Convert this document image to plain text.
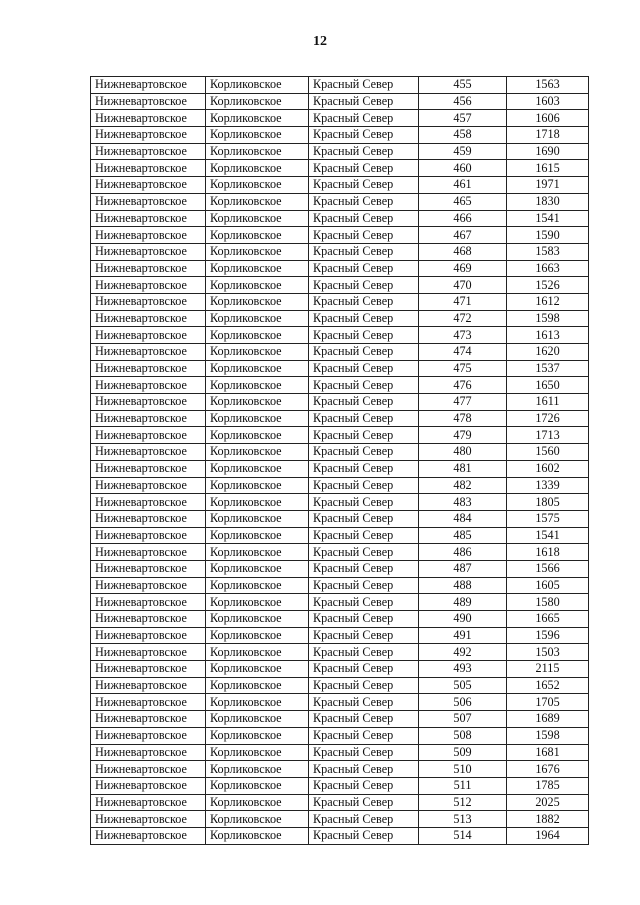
12
Нижневартовское	Корликовское	Красный Север	455	1563
Нижневартовское	Корликовское	Красный Север	456	1603
Нижневартовское	Корликовское	Красный Север	457	1606
Нижневартовское	Корликовское	Красный Север	458	1718
Нижневартовское	Корликовское	Красный Север	459	1690
Нижневартовское	Корликовское	Красный Север	460	1615
Нижневартовское	Корликовское	Красный Север	461	1971
Нижневартовское	Корликовское	Красный Север	465	1830
Нижневартовское	Корликовское	Красный Север	466	1541
Нижневартовское	Корликовское	Красный Север	467	1590
Нижневартовское	Корликовское	Красный Север	468	1583
Нижневартовское	Корликовское	Красный Север	469	1663
Нижневартовское	Корликовское	Красный Север	470	1526
Нижневартовское	Корликовское	Красный Север	471	1612
Нижневартовское	Корликовское	Красный Север	472	1598
Нижневартовское	Корликовское	Красный Север	473	1613
Нижневартовское	Корликовское	Красный Север	474	1620
Нижневартовское	Корликовское	Красный Север	475	1537
Нижневартовское	Корликовское	Красный Север	476	1650
Нижневартовское	Корликовское	Красный Север	477	1611
Нижневартовское	Корликовское	Красный Север	478	1726
Нижневартовское	Корликовское	Красный Север	479	1713
Нижневартовское	Корликовское	Красный Север	480	1560
Нижневартовское	Корликовское	Красный Север	481	1602
Нижневартовское	Корликовское	Красный Север	482	1339
Нижневартовское	Корликовское	Красный Север	483	1805
Нижневартовское	Корликовское	Красный Север	484	1575
Нижневартовское	Корликовское	Красный Север	485	1541
Нижневартовское	Корликовское	Красный Север	486	1618
Нижневартовское	Корликовское	Красный Север	487	1566
Нижневартовское	Корликовское	Красный Север	488	1605
Нижневартовское	Корликовское	Красный Север	489	1580
Нижневартовское	Корликовское	Красный Север	490	1665
Нижневартовское	Корликовское	Красный Север	491	1596
Нижневартовское	Корликовское	Красный Север	492	1503
Нижневартовское	Корликовское	Красный Север	493	2115
Нижневартовское	Корликовское	Красный Север	505	1652
Нижневартовское	Корликовское	Красный Север	506	1705
Нижневартовское	Корликовское	Красный Север	507	1689
Нижневартовское	Корликовское	Красный Север	508	1598
Нижневартовское	Корликовское	Красный Север	509	1681
Нижневартовское	Корликовское	Красный Север	510	1676
Нижневартовское	Корликовское	Красный Север	511	1785
Нижневартовское	Корликовское	Красный Север	512	2025
Нижневартовское	Корликовское	Красный Север	513	1882
Нижневартовское	Корликовское	Красный Север	514	1964
